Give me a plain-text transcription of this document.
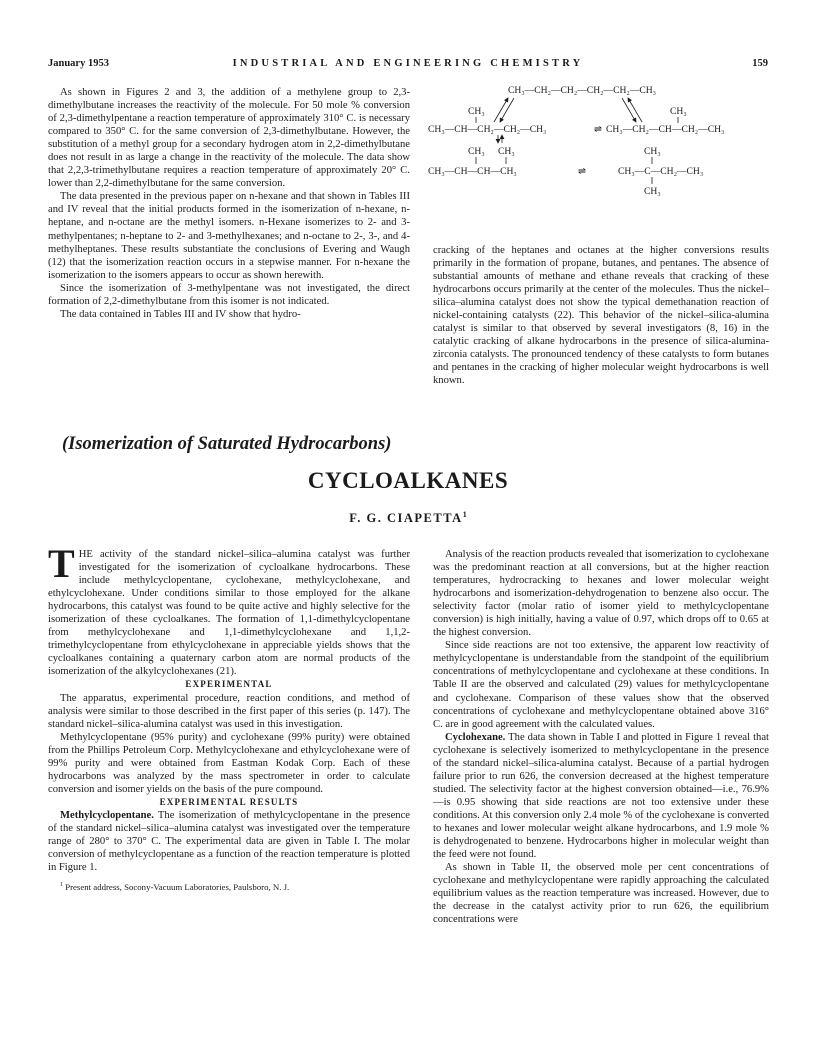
January 1953	INDUSTRIAL AND ENGINEERING CHEMISTRY	159

As shown in Figures 2 and 3, the addition of a methylene group to 2,3-dimethylbutane increases the reactivity of the molecule. For 50 mole % conversion of 2,3-dimethylpentane a reaction temperature of approximately 310° C. is necessary compared to 350° C. for the same conversion of 2,3-dimethylbutane. However, the substitution of a methyl group for a secondary hydrogen atom in 2,2-dimethylbutane does not result in as large a change in the reactivity of the molecule. The data show that 2,2,3-trimethylbutane requires a reaction temperature of approximately 20° C. lower than 2,2-dimethylbutane for the same conversion.

The data presented in the previous paper on n-hexane and that shown in Tables III and IV reveal that the initial products formed in the isomerization of n-hexane, n-heptane, and n-octane are the methyl isomers. n-Hexane isomerizes to 2- and 3-methylpentanes; n-heptane to 2- and 3-methylhexanes; and n-octane to 2-, 3-, and 4-methylheptanes. These results substantiate the conclusions of Evering and Waugh (12) that the isomerization reaction occurs in a stepwise manner. For n-hexane the isomerization to the isomers appears to occur as shown herewith.

Since the isomerization of 3-methylpentane was not investigated, the direct formation of 2,2-dimethylbutane from this isomer is not indicated.

The data contained in Tables III and IV show that hydro-

CH₃—CH₂—CH₂—CH₂—CH₂—CH₃
CH₃
CH₃—CH—CH₂—CH₂—CH₃	⇌
CH₃
CH₃—CH₂—CH—CH₂—CH₃
CH₃ CH₃	CH₃
CH₃—CH—CH—CH₃	⇌	CH₃—C—CH₂—CH₃
CH₃

cracking of the heptanes and octanes at the higher conversions results primarily in the formation of propane, butanes, and pentanes. The absence of substantial amounts of methane and ethane reveals that cracking of these hydrocarbons occurs primarily at the center of the molecules. Thus the nickel–silica–alumina catalyst does not show the typical demethanation reaction of nickel-containing catalysts (22). This behavior of the nickel–silica-alumina catalyst is similar to that observed by several investigators (8, 16) in the catalytic cracking of alkane hydrocarbons in the presence of silica-alumina-zirconia catalysts. The pronounced tendency of these catalysts to form butanes and pentanes in the cracking of higher molecular weight hydrocarbons is well known.

(Isomerization of Saturated Hydrocarbons)
CYCLOALKANES
F. G. CIAPETTA$^1$

THE activity of the standard nickel–silica–alumina catalyst was further investigated for the isomerization of cycloalkane hydrocarbons. These include methylcyclopentane, cyclohexane, methylcyclohexane, and ethylcyclohexane. Under conditions similar to those employed for the alkane hydrocarbons, this catalyst was found to be quite active and highly selective for the isomerization of these cycloalkanes. The formation of 1,1-dimethylcyclopentane from methylcyclohexane and 1,1-dimethylcyclohexane and 1,1,2-trimethylcyclopentane from ethylcyclohexane in appreciable yields shows that the cycloalkanes containing a quaternary carbon atom are normal products of the isomerization of the alkylcyclohexanes (21).

EXPERIMENTAL

The apparatus, experimental procedure, reaction conditions, and method of analysis were similar to those described in the first paper of this series (p. 147). The standard nickel–silica-alumina catalyst was used in this investigation.

Methylcyclopentane (95% purity) and cyclohexane (99% purity) were obtained from the Phillips Petroleum Corp. Methylcyclohexane and ethylcyclohexane were of 99% purity and were obtained from Eastman Kodak Corp. Each of these hydrocarbons was analyzed by the mass spectrometer in order to calculate conversion and isomer yields on the basis of the pure compound.

EXPERIMENTAL RESULTS

Methylcyclopentane. The isomerization of methylcyclopentane in the presence of the standard nickel–silica–alumina catalyst was investigated over the temperature range of 280° to 370° C. The experimental data are given in Table I. The molar conversion of methylcyclopentane as a function of the reaction temperature is plotted in Figure 1.

$^1$ Present address, Socony-Vacuum Laboratories, Paulsboro, N. J.

Analysis of the reaction products revealed that isomerization to cyclohexane was the predominant reaction at all conversions, but at the higher reaction temperatures, hydrocracking to hexanes and lower molecular weight hydrocarbons and isomerization-dehydrogenation to benzene also occur. The selectivity factor (molar ratio of isomer yield to methylcyclopentane conversion) is high initially, having a value of 0.97, which drops off to 0.65 at the highest conversion.

Since side reactions are not too extensive, the apparent low reactivity of methylcyclopentane is understandable from the standpoint of the equilibrium concentrations of methylcyclopentane and cyclohexane at these conditions. In Table II are the observed and calculated (29) values for methylcyclopentane and cyclohexane. Comparison of these values show that the observed concentrations of cyclohexane and methylcyclopentane obtained above 316° C. are in good agreement with the calculated values.

Cyclohexane. The data shown in Table I and plotted in Figure 1 reveal that cyclohexane is selectively isomerized to methylcyclopentane in the presence of the standard nickel–silica-alumina catalyst. Because of a partial hydrogen failure prior to run 626, the conversion decreased at the highest temperature studied. The selectivity factor at the highest conversion obtained—i.e., 76.9%—is 0.95 showing that side reactions are not too extensive under these conditions. At this conversion only 2.4 mole % of the cyclohexane is converted to hexanes and lower molecular weight alkane hydrocarbons, and 1.9 mole % is dehydrogenated to benzene. Hydrocarbons higher in molecular weight than the feed were not found.

As shown in Table II, the observed mole per cent concentrations of cyclohexane and methylcyclopentane were rapidly approaching the calculated equilibrium values as the reaction temperature was increased. However, due to the decrease in the catalyst activity prior to run 626, the equilibrium concentrations were
